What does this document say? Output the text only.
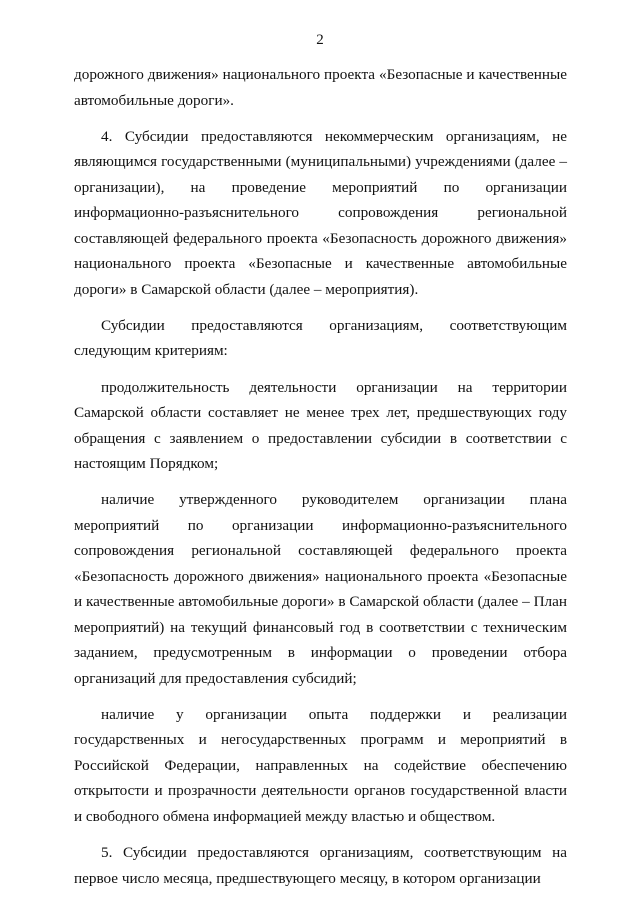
2

дорожного движения» национального проекта «Безопасные и качественные автомобильные дороги».

4. Субсидии предоставляются некоммерческим организациям, не являющимся государственными (муниципальными) учреждениями (далее – организации), на проведение мероприятий по организации информационно-разъяснительного сопровождения региональной составляющей федерального проекта «Безопасность дорожного движения» национального проекта «Безопасные и качественные автомобильные дороги» в Самарской области (далее – мероприятия).

Субсидии предоставляются организациям, соответствующим следующим критериям:

продолжительность деятельности организации на территории Самарской области составляет не менее трех лет, предшествующих году обращения с заявлением о предоставлении субсидии в соответствии с настоящим Порядком;

наличие утвержденного руководителем организации плана мероприятий по организации информационно-разъяснительного сопровождения региональной составляющей федерального проекта «Безопасность дорожного движения» национального проекта «Безопасные и качественные автомобильные дороги» в Самарской области (далее – План мероприятий) на текущий финансовый год в соответствии с техническим заданием, предусмотренным в информации о проведении отбора организаций для предоставления субсидий;

наличие у организации опыта поддержки и реализации государственных и негосударственных программ и мероприятий в Российской Федерации, направленных на содействие обеспечению открытости и прозрачности деятельности органов государственной власти и свободного обмена информацией между властью и обществом.

5. Субсидии предоставляются организациям, соответствующим на первое число месяца, предшествующего месяцу, в котором организации
